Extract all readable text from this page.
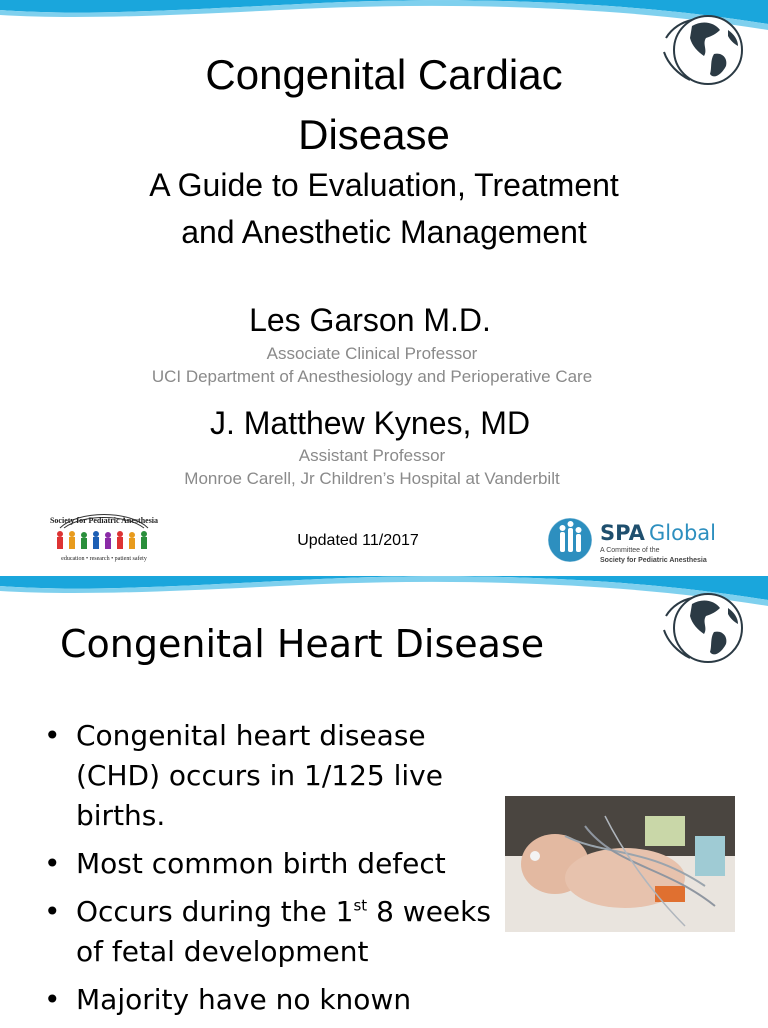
Congenital Cardiac
Disease
A Guide to Evaluation, Treatment
and Anesthetic Management
Les Garson M.D.
Associate Clinical Professor
UCI Department of Anesthesiology and Perioperative Care
J. Matthew Kynes, MD
Assistant Professor
Monroe Carell, Jr Children’s Hospital at Vanderbilt
Updated 11/2017
Society for Pediatric Anesthesia
education • research • patient safety
SPA Global
A Committee of the
Society for Pediatric Anesthesia
Congenital Heart Disease
• Congenital heart disease (CHD) occurs in 1/125 live births.
• Most common birth defect
• Occurs during the 1st 8 weeks of fetal development
• Majority have no known
